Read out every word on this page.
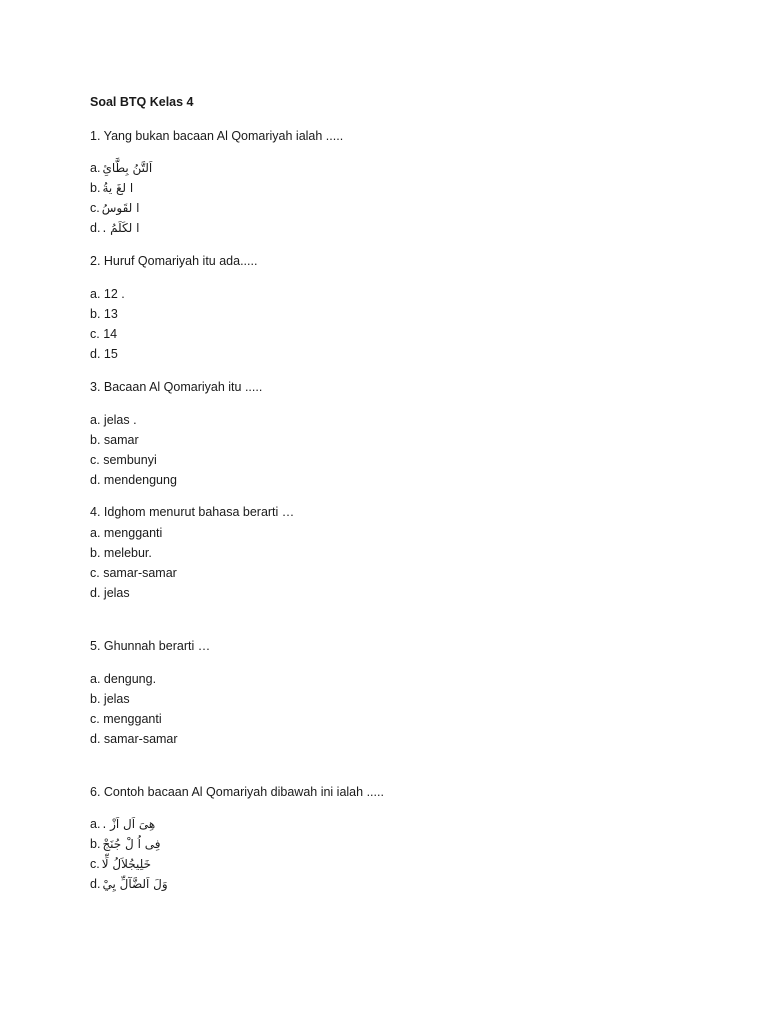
Soal BTQ Kelas 4
1. Yang bukan bacaan Al Qomariyah ialah .....
a. اَلتَّنُ بِطَّائِ
b. ا لغَ يةُ
c. ا لقَوسُ
d. ا لكَلَمُ .
2. Huruf Qomariyah itu ada.....
a. 12 .
b. 13
c. 14
d. 15
3. Bacaan Al Qomariyah itu .....
a. jelas .
b. samar
c. sembunyi
d. mendengung
4. Idghom menurut bahasa berarti …
a. mengganti
b. melebur.
c. samar-samar
d. jelas
5. Ghunnah berarti …
a. dengung.
b. jelas
c. mengganti
d. samar-samar
6. Contoh bacaan Al Qomariyah dibawah ini ialah .....
a. هِىَ اَل اَزْ .
b. فِى اُ لْ جُنَجْ
c. خَلِيجُلاَلُ لِّا
d. وَلَ اَلضَّآلِّ يِيْ
